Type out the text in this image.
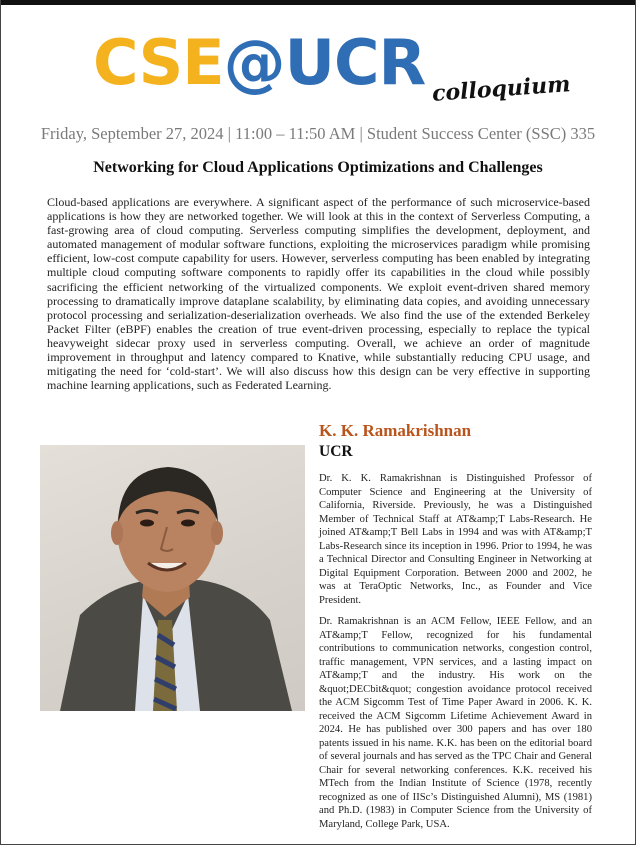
CSE@UCR colloquium
Friday, September 27, 2024 | 11:00 – 11:50 AM | Student Success Center (SSC) 335
Networking for Cloud Applications Optimizations and Challenges
Cloud-based applications are everywhere. A significant aspect of the performance of such microservice-based applications is how they are networked together. We will look at this in the context of Serverless Computing, a fast-growing area of cloud computing. Serverless computing simplifies the development, deployment, and automated management of modular software functions, exploiting the microservices paradigm while promising efficient, low-cost compute capability for users. However, serverless computing has been enabled by integrating multiple cloud computing software components to rapidly offer its capabilities in the cloud while possibly sacrificing the efficient networking of the virtualized components. We exploit event-driven shared memory processing to dramatically improve dataplane scalability, by eliminating data copies, and avoiding unnecessary protocol processing and serialization-deserialization overheads. We also find the use of the extended Berkeley Packet Filter (eBPF) enables the creation of true event-driven processing, especially to replace the typical heavyweight sidecar proxy used in serverless computing. Overall, we achieve an order of magnitude improvement in throughput and latency compared to Knative, while substantially reducing CPU usage, and mitigating the need for ‘cold-start’. We will also discuss how this design can be very effective in supporting machine learning applications, such as Federated Learning.
K. K. Ramakrishnan
UCR
Dr. K. K. Ramakrishnan is Distinguished Professor of Computer Science and Engineering at the University of California, Riverside. Previously, he was a Distinguished Member of Technical Staff at AT&amp;T Labs-Research. He joined AT&amp;T Bell Labs in 1994 and was with AT&amp;T Labs-Research since its inception in 1996. Prior to 1994, he was a Technical Director and Consulting Engineer in Networking at Digital Equipment Corporation. Between 2000 and 2002, he was at TeraOptic Networks, Inc., as Founder and Vice President.
Dr. Ramakrishnan is an ACM Fellow, IEEE Fellow, and an AT&amp;T Fellow, recognized for his fundamental contributions to communication networks, congestion control, traffic management, VPN services, and a lasting impact on AT&amp;T and the industry. His work on the &quot;DECbit&quot; congestion avoidance protocol received the ACM Sigcomm Test of Time Paper Award in 2006. K. K. received the ACM Sigcomm Lifetime Achievement Award in 2024. He has published over 300 papers and has over 180 patents issued in his name. K.K. has been on the editorial board of several journals and has served as the TPC Chair and General Chair for several networking conferences. K.K. received his MTech from the Indian Institute of Science (1978, recently recognized as one of IISc’s Distinguished Alumni), MS (1981) and Ph.D. (1983) in Computer Science from the University of Maryland, College Park, USA.
